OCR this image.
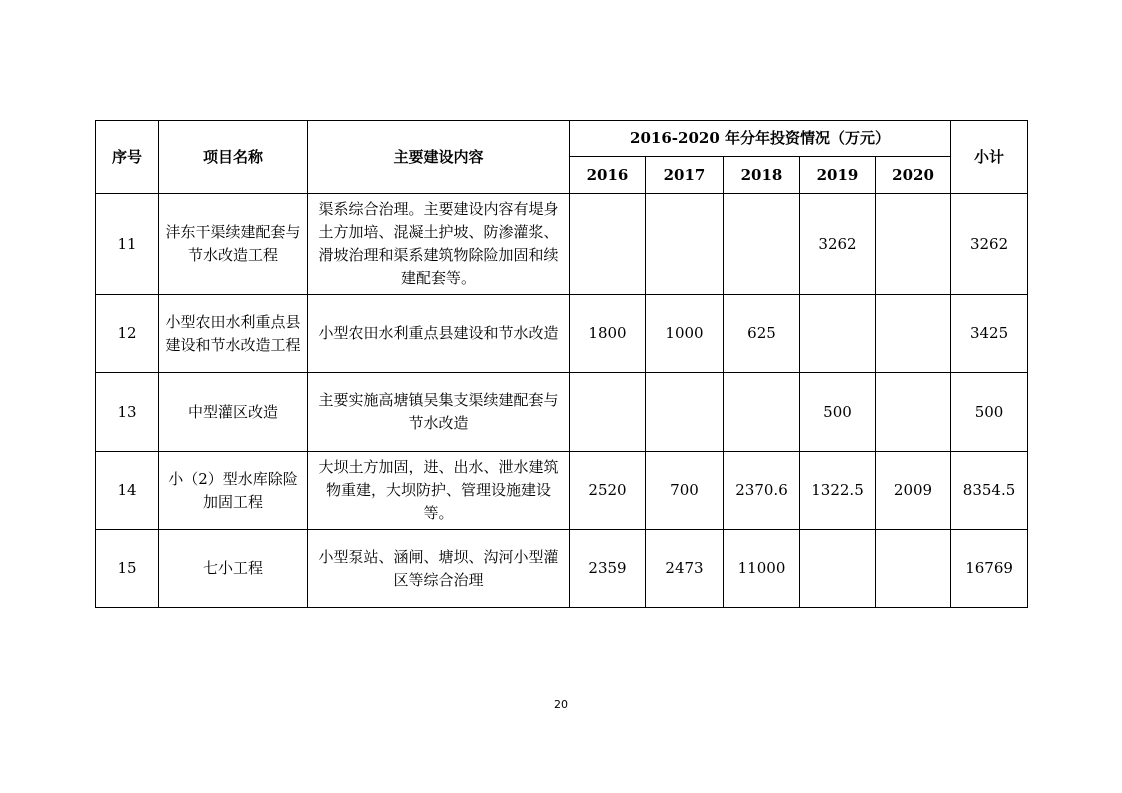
序号	项目名称	主要建设内容	2016-2020 年分年投资情况（万元）					小计
			2016	2017	2018	2019	2020	
11	沣东干渠续建配套与节水改造工程	渠系综合治理。主要建设内容有堤身土方加培、混凝土护坡、防渗灌浆、滑坡治理和渠系建筑物除险加固和续建配套等。				3262		3262
12	小型农田水利重点县建设和节水改造工程	小型农田水利重点县建设和节水改造	1800	1000	625			3425
13	中型灌区改造	主要实施高塘镇吴集支渠续建配套与节水改造				500		500
14	小（2）型水库除险加固工程	大坝土方加固，进、出水、泄水建筑物重建，大坝防护、管理设施建设等。	2520	700	2370.6	1322.5	2009	8354.5
15	七小工程	小型泵站、涵闸、塘坝、沟河小型灌区等综合治理	2359	2473	11000			16769
20
